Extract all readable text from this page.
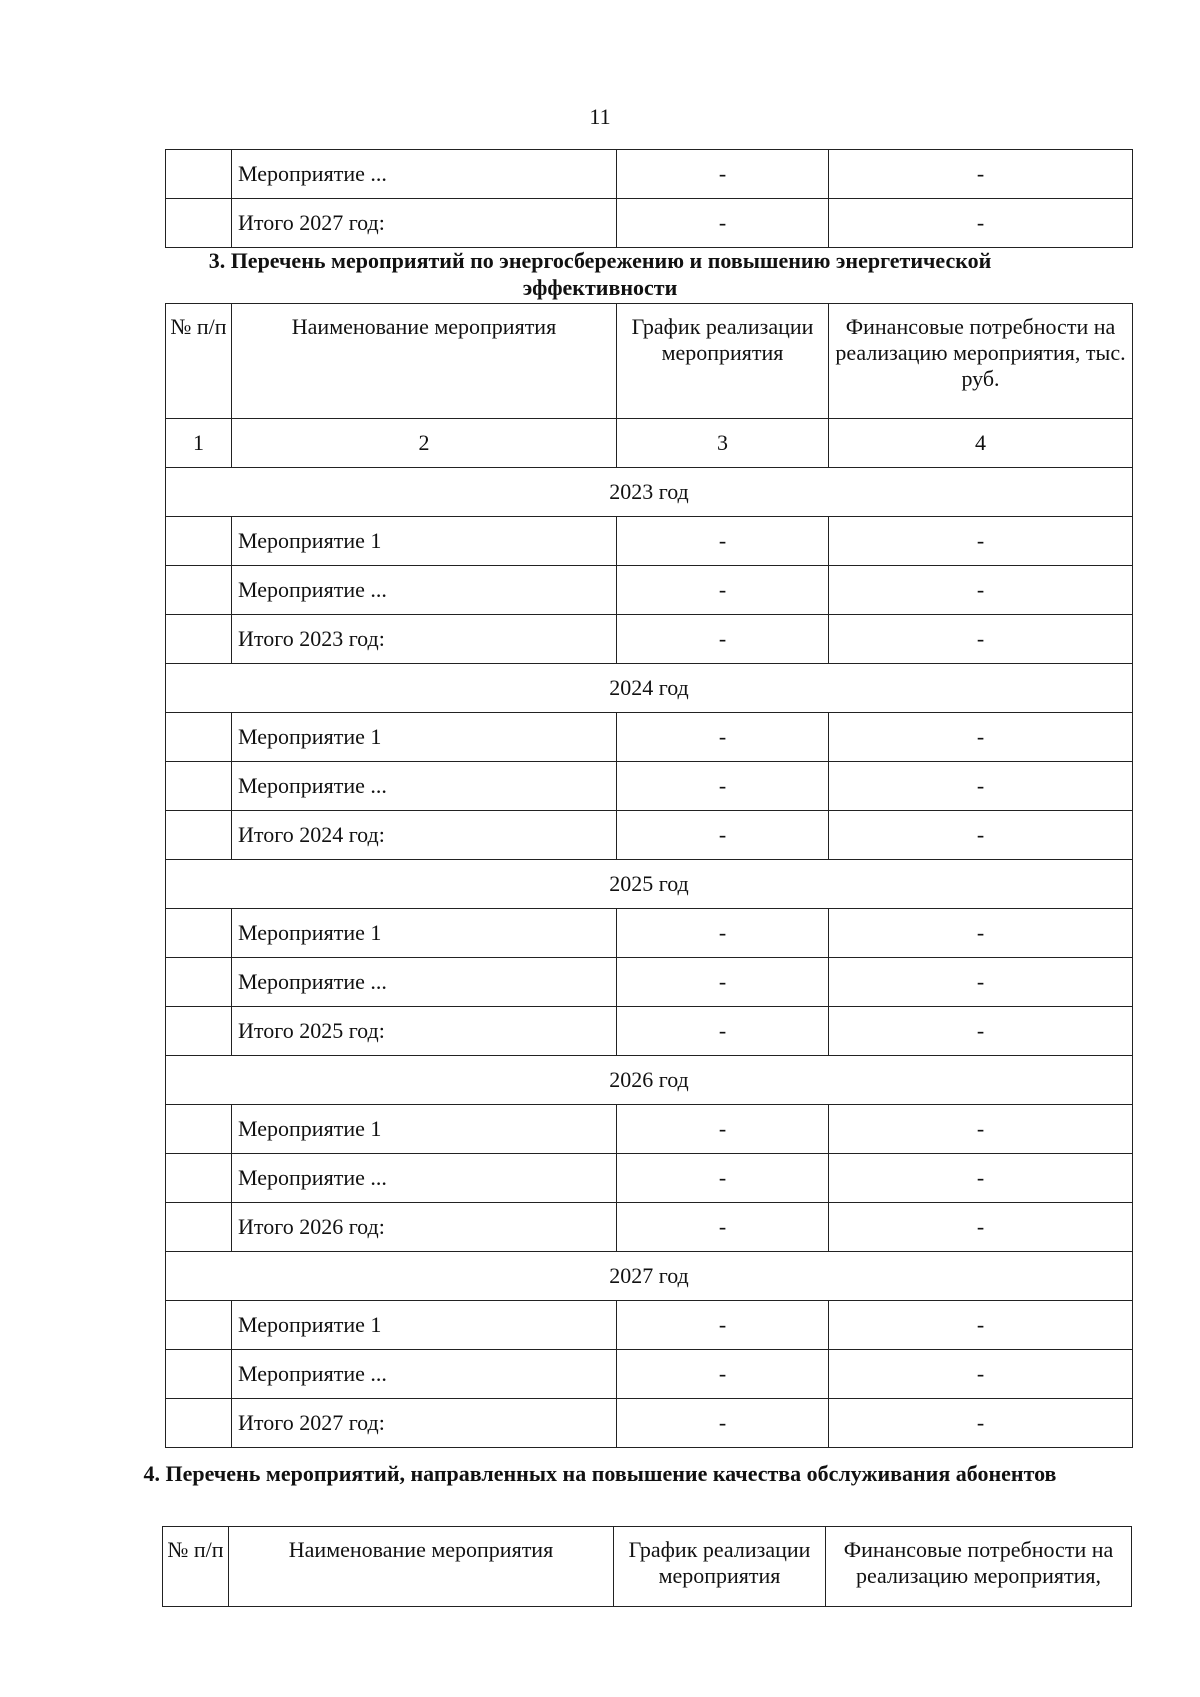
11
	Мероприятие ...	-	-
	Итого 2027 год:	-	-
3. Перечень мероприятий по энергосбережению и повышению энергетической эффективности
№ п/п	Наименование мероприятия	График реализации мероприятия	Финансовые потребности на реализацию мероприятия, тыс. руб.
1	2	3	4
2023 год			
	Мероприятие 1	-	-
	Мероприятие ...	-	-
	Итого 2023 год:	-	-
2024 год			
	Мероприятие 1	-	-
	Мероприятие ...	-	-
	Итого 2024 год:	-	-
2025 год			
	Мероприятие 1	-	-
	Мероприятие ...	-	-
	Итого 2025 год:	-	-
2026 год			
	Мероприятие 1	-	-
	Мероприятие ...	-	-
	Итого 2026 год:	-	-
2027 год			
	Мероприятие 1	-	-
	Мероприятие ...	-	-
	Итого 2027 год:	-	-
4. Перечень мероприятий, направленных на повышение качества обслуживания абонентов
№ п/п	Наименование мероприятия	График реализации мероприятия	Финансовые потребности на реализацию мероприятия,
